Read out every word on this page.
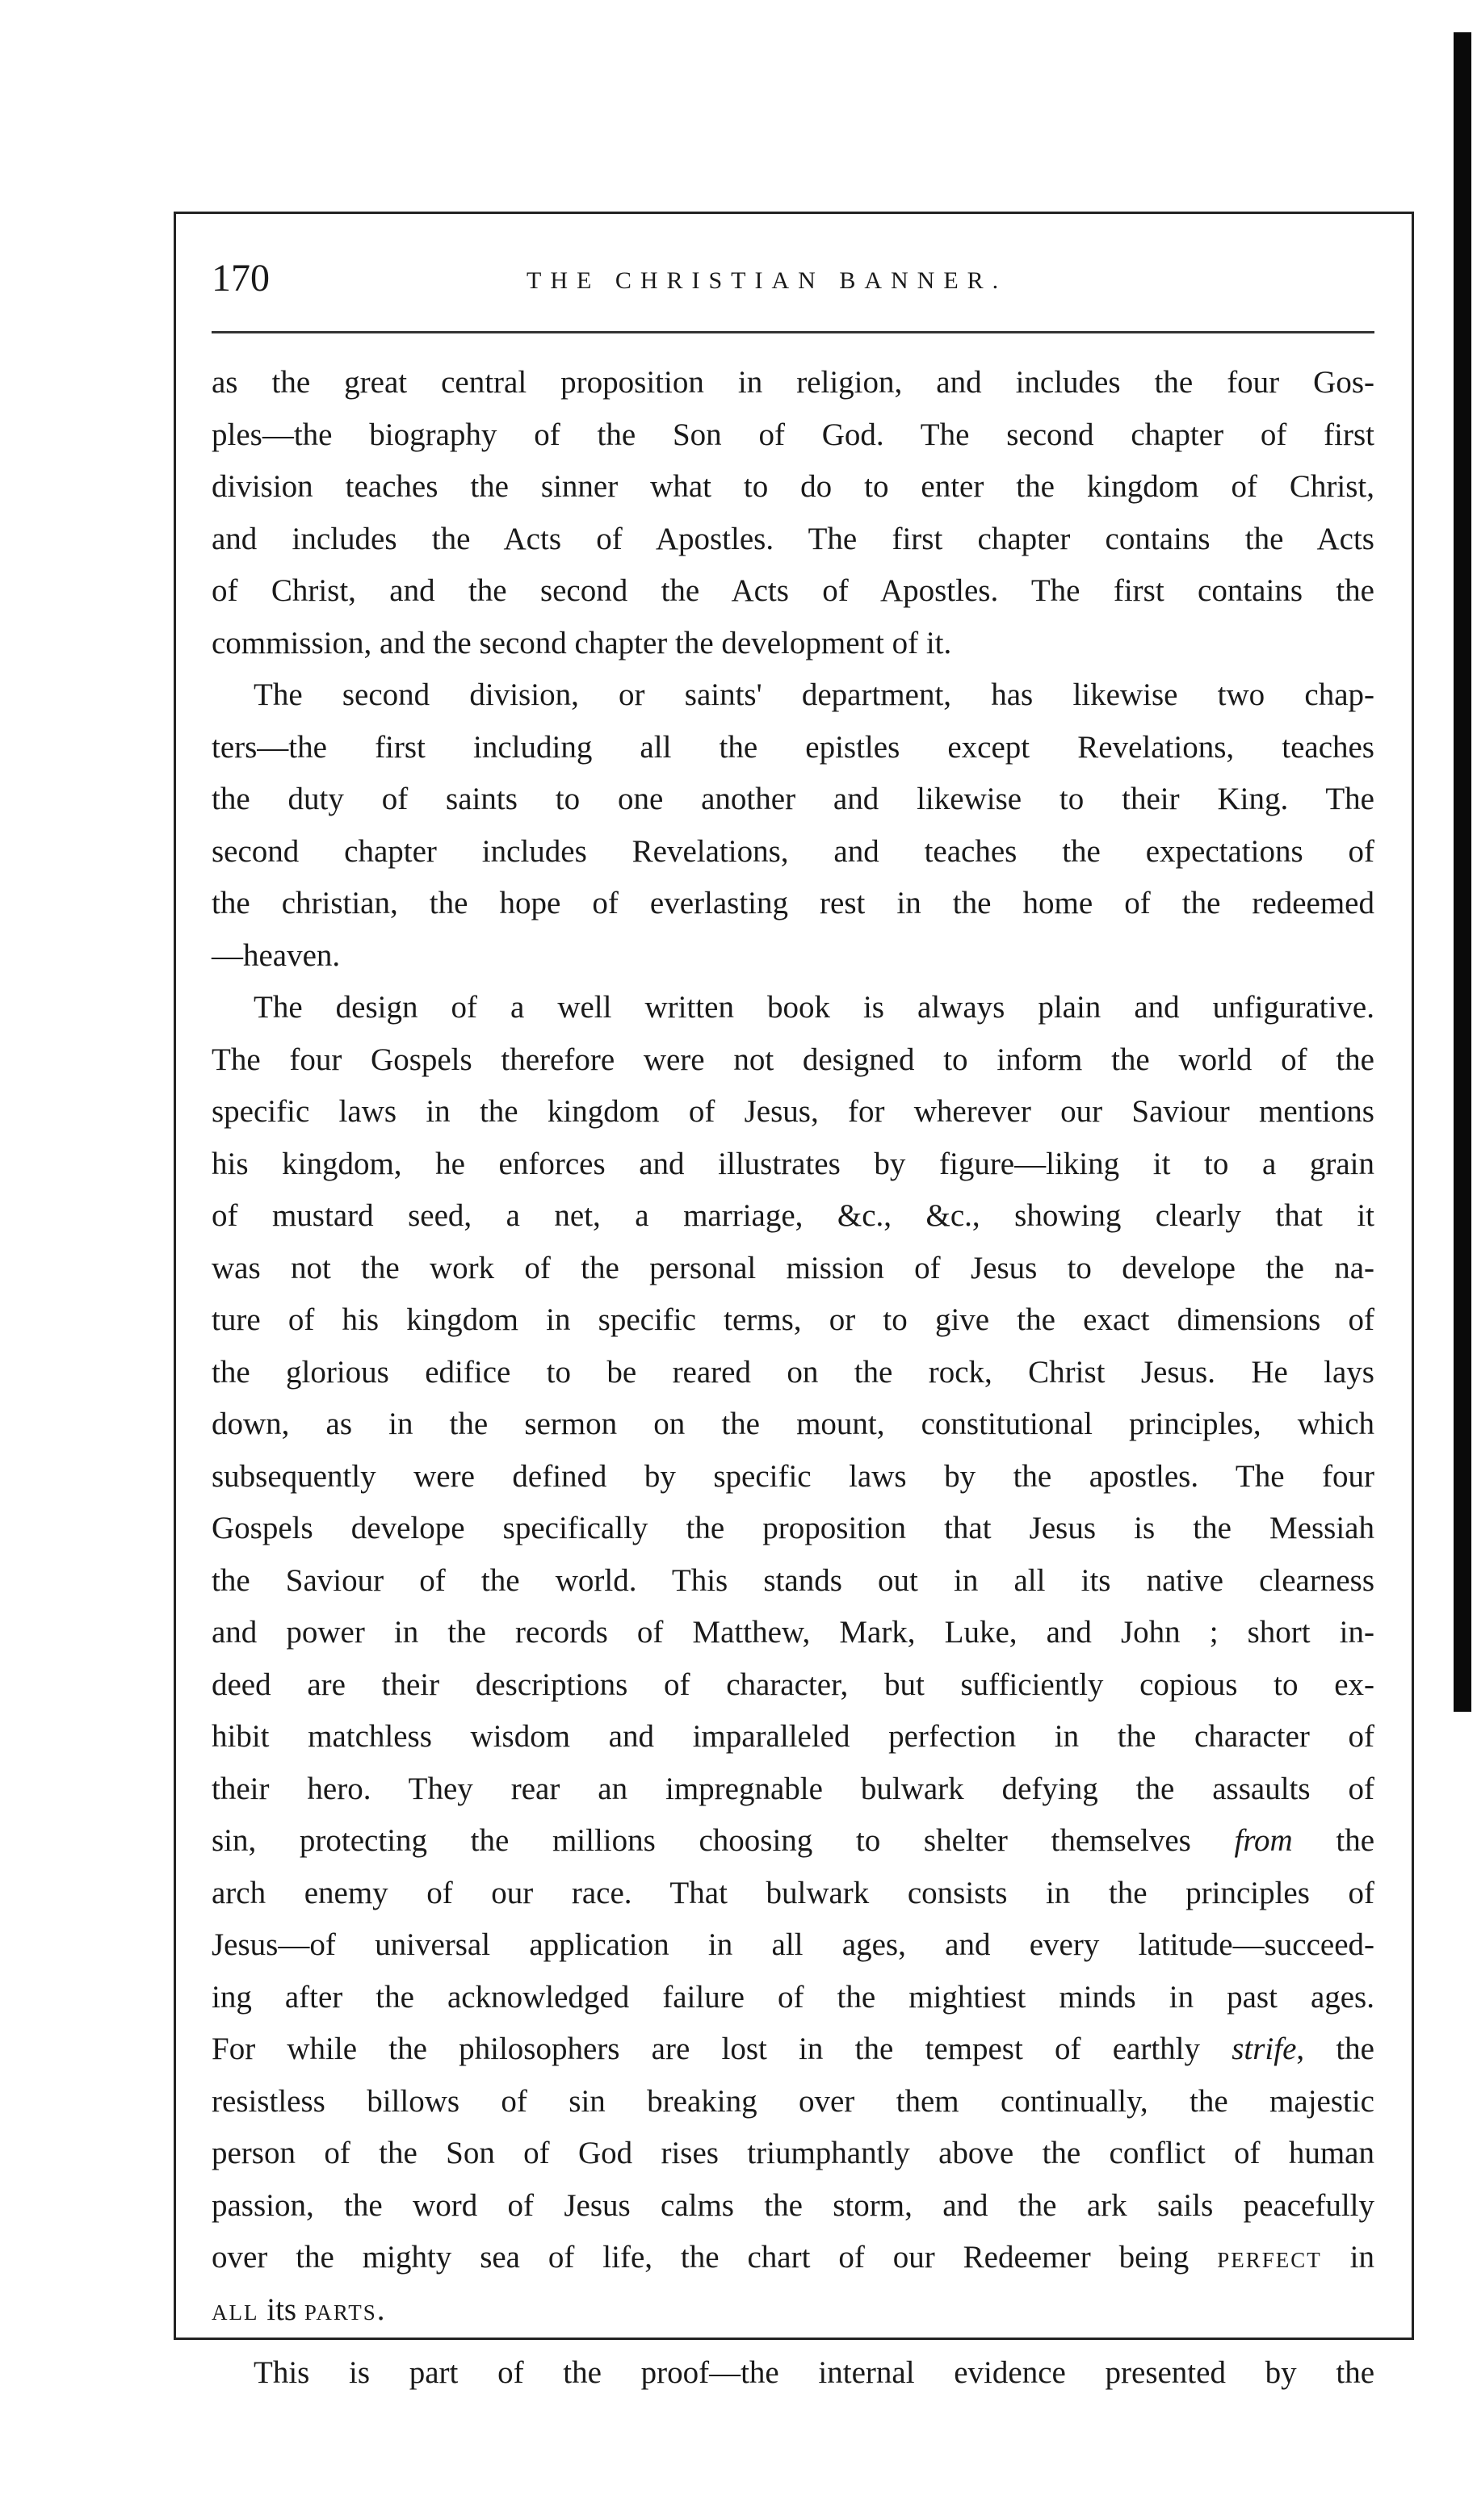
170	THE CHRISTIAN BANNER.
as the great central proposition in religion, and includes the four Gos-
ples—the biography of the Son of God. The second chapter of first
division teaches the sinner what to do to enter the kingdom of Christ,
and includes the Acts of Apostles. The first chapter contains the Acts
of Christ, and the second the Acts of Apostles. The first contains the
commission, and the second chapter the development of it.
The second division, or saints' department, has likewise two chap-
ters—the first including all the epistles except Revelations, teaches
the duty of saints to one another and likewise to their King. The
second chapter includes Revelations, and teaches the expectations of
the christian, the hope of everlasting rest in the home of the redeemed
—heaven.
The design of a well written book is always plain and unfigurative.
The four Gospels therefore were not designed to inform the world of the
specific laws in the kingdom of Jesus, for wherever our Saviour mentions
his kingdom, he enforces and illustrates by figure—liking it to a grain
of mustard seed, a net, a marriage, &c., &c., showing clearly that it
was not the work of the personal mission of Jesus to develope the na-
ture of his kingdom in specific terms, or to give the exact dimensions of
the glorious edifice to be reared on the rock, Christ Jesus. He lays
down, as in the sermon on the mount, constitutional principles, which
subsequently were defined by specific laws by the apostles. The four
Gospels develope specifically the proposition that Jesus is the Messiah
the Saviour of the world. This stands out in all its native clearness
and power in the records of Matthew, Mark, Luke, and John ; short in-
deed are their descriptions of character, but sufficiently copious to ex-
hibit matchless wisdom and imparalleled perfection in the character of
their hero. They rear an impregnable bulwark defying the assaults of
sin, protecting the millions choosing to shelter themselves from the
arch enemy of our race. That bulwark consists in the principles of
Jesus—of universal application in all ages, and every latitude—succeed-
ing after the acknowledged failure of the mightiest minds in past ages.
For while the philosophers are lost in the tempest of earthly strife, the
resistless billows of sin breaking over them continually, the majestic
person of the Son of God rises triumphantly above the conflict of human
passion, the word of Jesus calms the storm, and the ark sails peacefully
over the mighty sea of life, the chart of our Redeemer being perfect in
all its parts.
This is part of the proof—the internal evidence presented by the
